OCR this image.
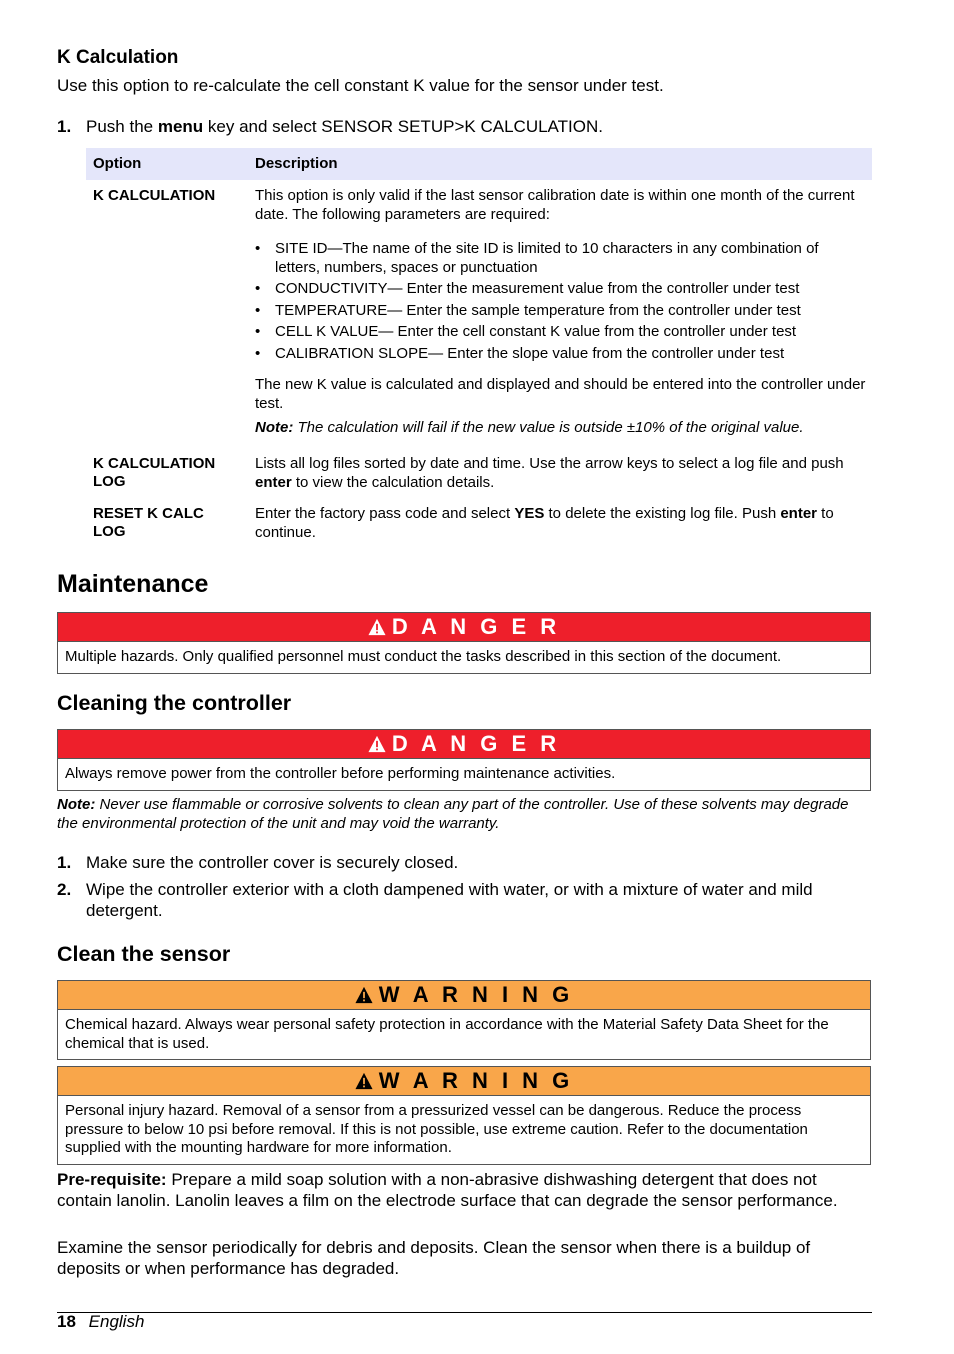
K Calculation
Use this option to re-calculate the cell constant K value for the sensor under test.
1. Push the menu key and select SENSOR SETUP>K CALCULATION.
Option	Description
K CALCULATION	This option is only valid if the last sensor calibration date is within one month of the current date. The following parameters are required:
• SITE ID—The name of the site ID is limited to 10 characters in any combination of letters, numbers, spaces or punctuation
• CONDUCTIVITY— Enter the measurement value from the controller under test
• TEMPERATURE— Enter the sample temperature from the controller under test
• CELL K VALUE— Enter the cell constant K value from the controller under test
• CALIBRATION SLOPE— Enter the slope value from the controller under test
The new K value is calculated and displayed and should be entered into the controller under test.
Note: The calculation will fail if the new value is outside ±10% of the original value.
K CALCULATION
LOG
Lists all log files sorted by date and time. Use the arrow keys to select a log file and push enter to view the calculation details.
RESET K CALC
LOG
Enter the factory pass code and select YES to delete the existing log file. Push enter to continue.
Maintenance
D A N G E R
Multiple hazards. Only qualified personnel must conduct the tasks described in this section of the document.
Cleaning the controller
D A N G E R
Always remove power from the controller before performing maintenance activities.
Note: Never use flammable or corrosive solvents to clean any part of the controller. Use of these solvents may degrade the environmental protection of the unit and may void the warranty.
1. Make sure the controller cover is securely closed.
2. Wipe the controller exterior with a cloth dampened with water, or with a mixture of water and mild detergent.
Clean the sensor
W A R N I N G
Chemical hazard. Always wear personal safety protection in accordance with the Material Safety Data Sheet for the chemical that is used.
W A R N I N G
Personal injury hazard. Removal of a sensor from a pressurized vessel can be dangerous. Reduce the process pressure to below 10 psi before removal. If this is not possible, use extreme caution. Refer to the documentation supplied with the mounting hardware for more information.
Pre-requisite: Prepare a mild soap solution with a non-abrasive dishwashing detergent that does not contain lanolin. Lanolin leaves a film on the electrode surface that can degrade the sensor performance.
Examine the sensor periodically for debris and deposits. Clean the sensor when there is a buildup of deposits or when performance has degraded.
18 English
